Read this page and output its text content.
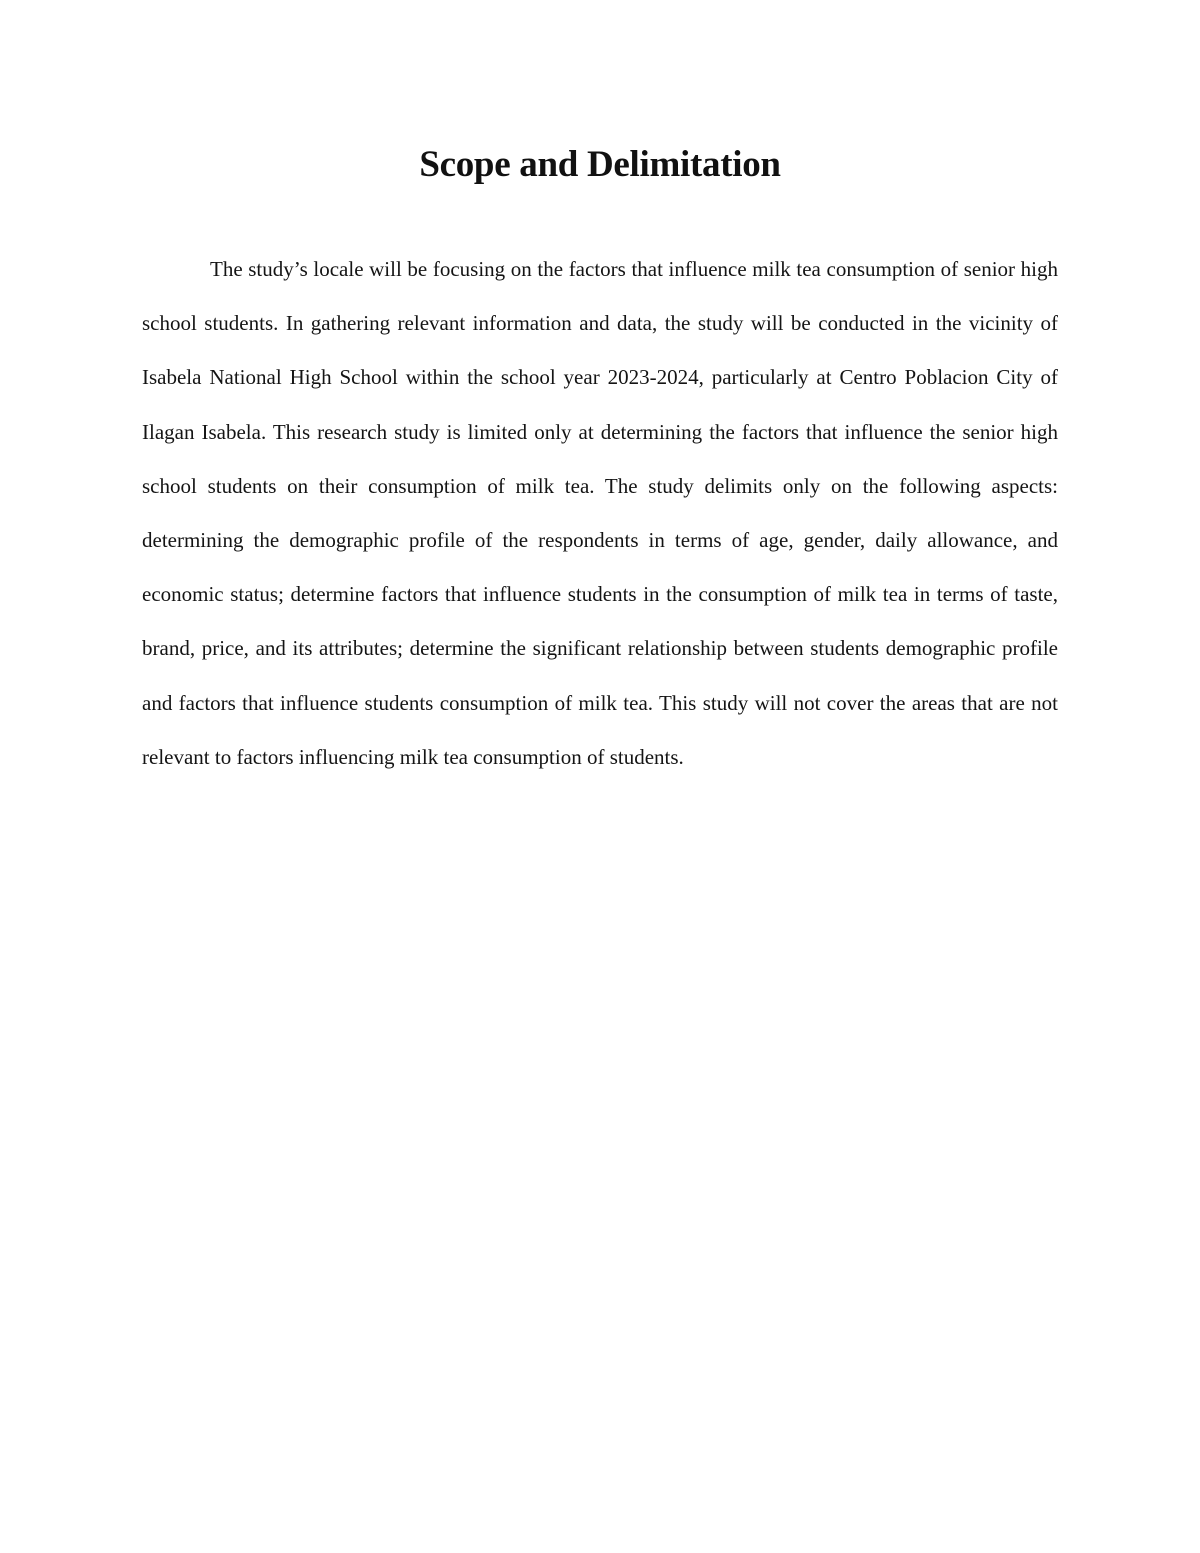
Scope and Delimitation

The study’s locale will be focusing on the factors that influence milk tea consumption of senior high school students. In gathering relevant information and data, the study will be conducted in the vicinity of Isabela National High School within the school year 2023-2024, particularly at Centro Poblacion City of Ilagan Isabela. This research study is limited only at determining the factors that influence the senior high school students on their consumption of milk tea. The study delimits only on the following aspects: determining the demographic profile of the respondents in terms of age, gender, daily allowance, and economic status; determine factors that influence students in the consumption of milk tea in terms of taste, brand, price, and its attributes; determine the significant relationship between students demographic profile and factors that influence students consumption of milk tea. This study will not cover the areas that are not relevant to factors influencing milk tea consumption of students.
